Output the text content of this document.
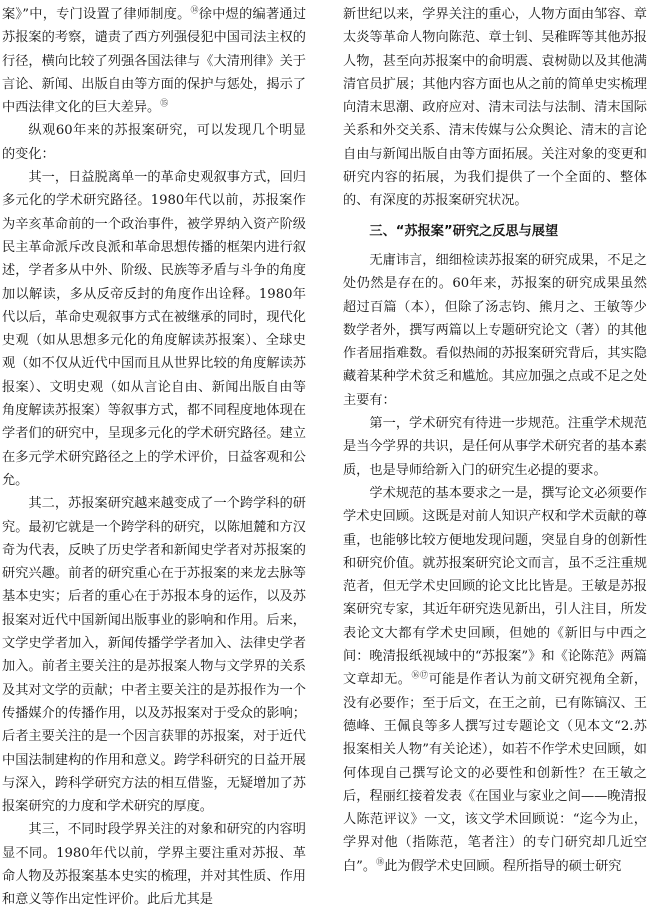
案》”中，专门设置了律师制度。⑭徐中煜的编著通过苏报案的考察，谴责了西方列强侵犯中国司法主权的行径，横向比较了列强各国法律与《大清刑律》关于言论、新闻、出版自由等方面的保护与惩处，揭示了中西法律文化的巨大差异。⑮

纵观60年来的苏报案研究，可以发现几个明显的变化：

其一，日益脱离单一的革命史观叙事方式，回归多元化的学术研究路径。1980年代以前，苏报案作为辛亥革命前的一个政治事件，被学界纳入资产阶级民主革命派斥改良派和革命思想传播的框架内进行叙述，学者多从中外、阶级、民族等矛盾与斗争的角度加以解读，多从反帝反封的角度作出诠释。1980年代以后，革命史观叙事方式在被继承的同时，现代化史观（如从思想多元化的角度解读苏报案）、全球史观（如不仅从近代中国而且从世界比较的角度解读苏报案）、文明史观（如从言论自由、新闻出版自由等角度解读苏报案）等叙事方式，都不同程度地体现在学者们的研究中，呈现多元化的学术研究路径。建立在多元学术研究路径之上的学术评价，日益客观和公允。

其二，苏报案研究越来越变成了一个跨学科的研究。最初它就是一个跨学科的研究，以陈旭麓和方汉奇为代表，反映了历史学者和新闻史学者对苏报案的研究兴趣。前者的研究重心在于苏报案的来龙去脉等基本史实；后者的重心在于苏报本身的运作，以及苏报案对近代中国新闻出版事业的影响和作用。后来，文学史学者加入，新闻传播学学者加入、法律史学者加入。前者主要关注的是苏报案人物与文学界的关系及其对文学的贡献；中者主要关注的是苏报作为一个传播媒介的传播作用，以及苏报案对于受众的影响；后者主要关注的是一个因言获罪的苏报案，对于近代中国法制建构的作用和意义。跨学科研究的日益开展与深入，跨科学研究方法的相互借鉴，无疑增加了苏报案研究的力度和学术研究的厚度。

其三，不同时段学界关注的对象和研究的内容明显不同。1980年代以前，学界主要注重对苏报、革命人物及苏报案基本史实的梳理，并对其性质、作用和意义等作出定性评价。此后尤其是

新世纪以来，学界关注的重心，人物方面由邹容、章太炎等革命人物向陈范、章士钊、吴稚晖等其他苏报人物，甚至向苏报案中的俞明震、袁树勋以及其他满清官员扩展；其他内容方面也从之前的简单史实梳理向清末思潮、政府应对、清末司法与法制、清末国际关系和外交关系、清末传媒与公众舆论、清末的言论自由与新闻出版自由等方面拓展。关注对象的变更和研究内容的拓展，为我们提供了一个全面的、整体的、有深度的苏报案研究状况。

三、“苏报案”研究之反思与展望

无庸讳言，细细检读苏报案的研究成果，不足之处仍然是存在的。60年来，苏报案的研究成果虽然超过百篇（本），但除了汤志钧、熊月之、王敏等少数学者外，撰写两篇以上专题研究论文（著）的其他作者屈指难数。看似热闹的苏报案研究背后，其实隐藏着某种学术贫乏和尴尬。其应加强之点或不足之处主要有：

第一，学术研究有待进一步规范。注重学术规范是当今学界的共识，是任何从事学术研究者的基本素质，也是导师给新入门的研究生必提的要求。

学术规范的基本要求之一是，撰写论文必须要作学术史回顾。这既是对前人知识产权和学术贡献的尊重，也能够比较方便地发现问题，突显自身的创新性和研究价值。就苏报案研究论文而言，虽不乏注重规范者，但无学术史回顾的论文比比皆是。王敏是苏报案研究专家，其近年研究迭见新出，引人注目，所发表论文大都有学术史回顾，但她的《新旧与中西之间：晚清报纸视域中的“苏报案”》和《论陈范》两篇文章却无。⑯⑰可能是作者认为前文研究视角全新，没有必要作；至于后文，在王之前，已有陈镐汉、王德峰、王佩良等多人撰写过专题论文（见本文“2.苏报案相关人物”有关论述），如若不作学术史回顾，如何体现自己撰写论文的必要性和创新性？在王敏之后，程丽红接着发表《在国业与家业之间——晚清报人陈范评议》一文，该文学术回顾说：“迄今为止，学界对他（指陈范，笔者注）的专门研究却几近空白”。⑱此为假学术史回顾。程所指导的硕士研究
